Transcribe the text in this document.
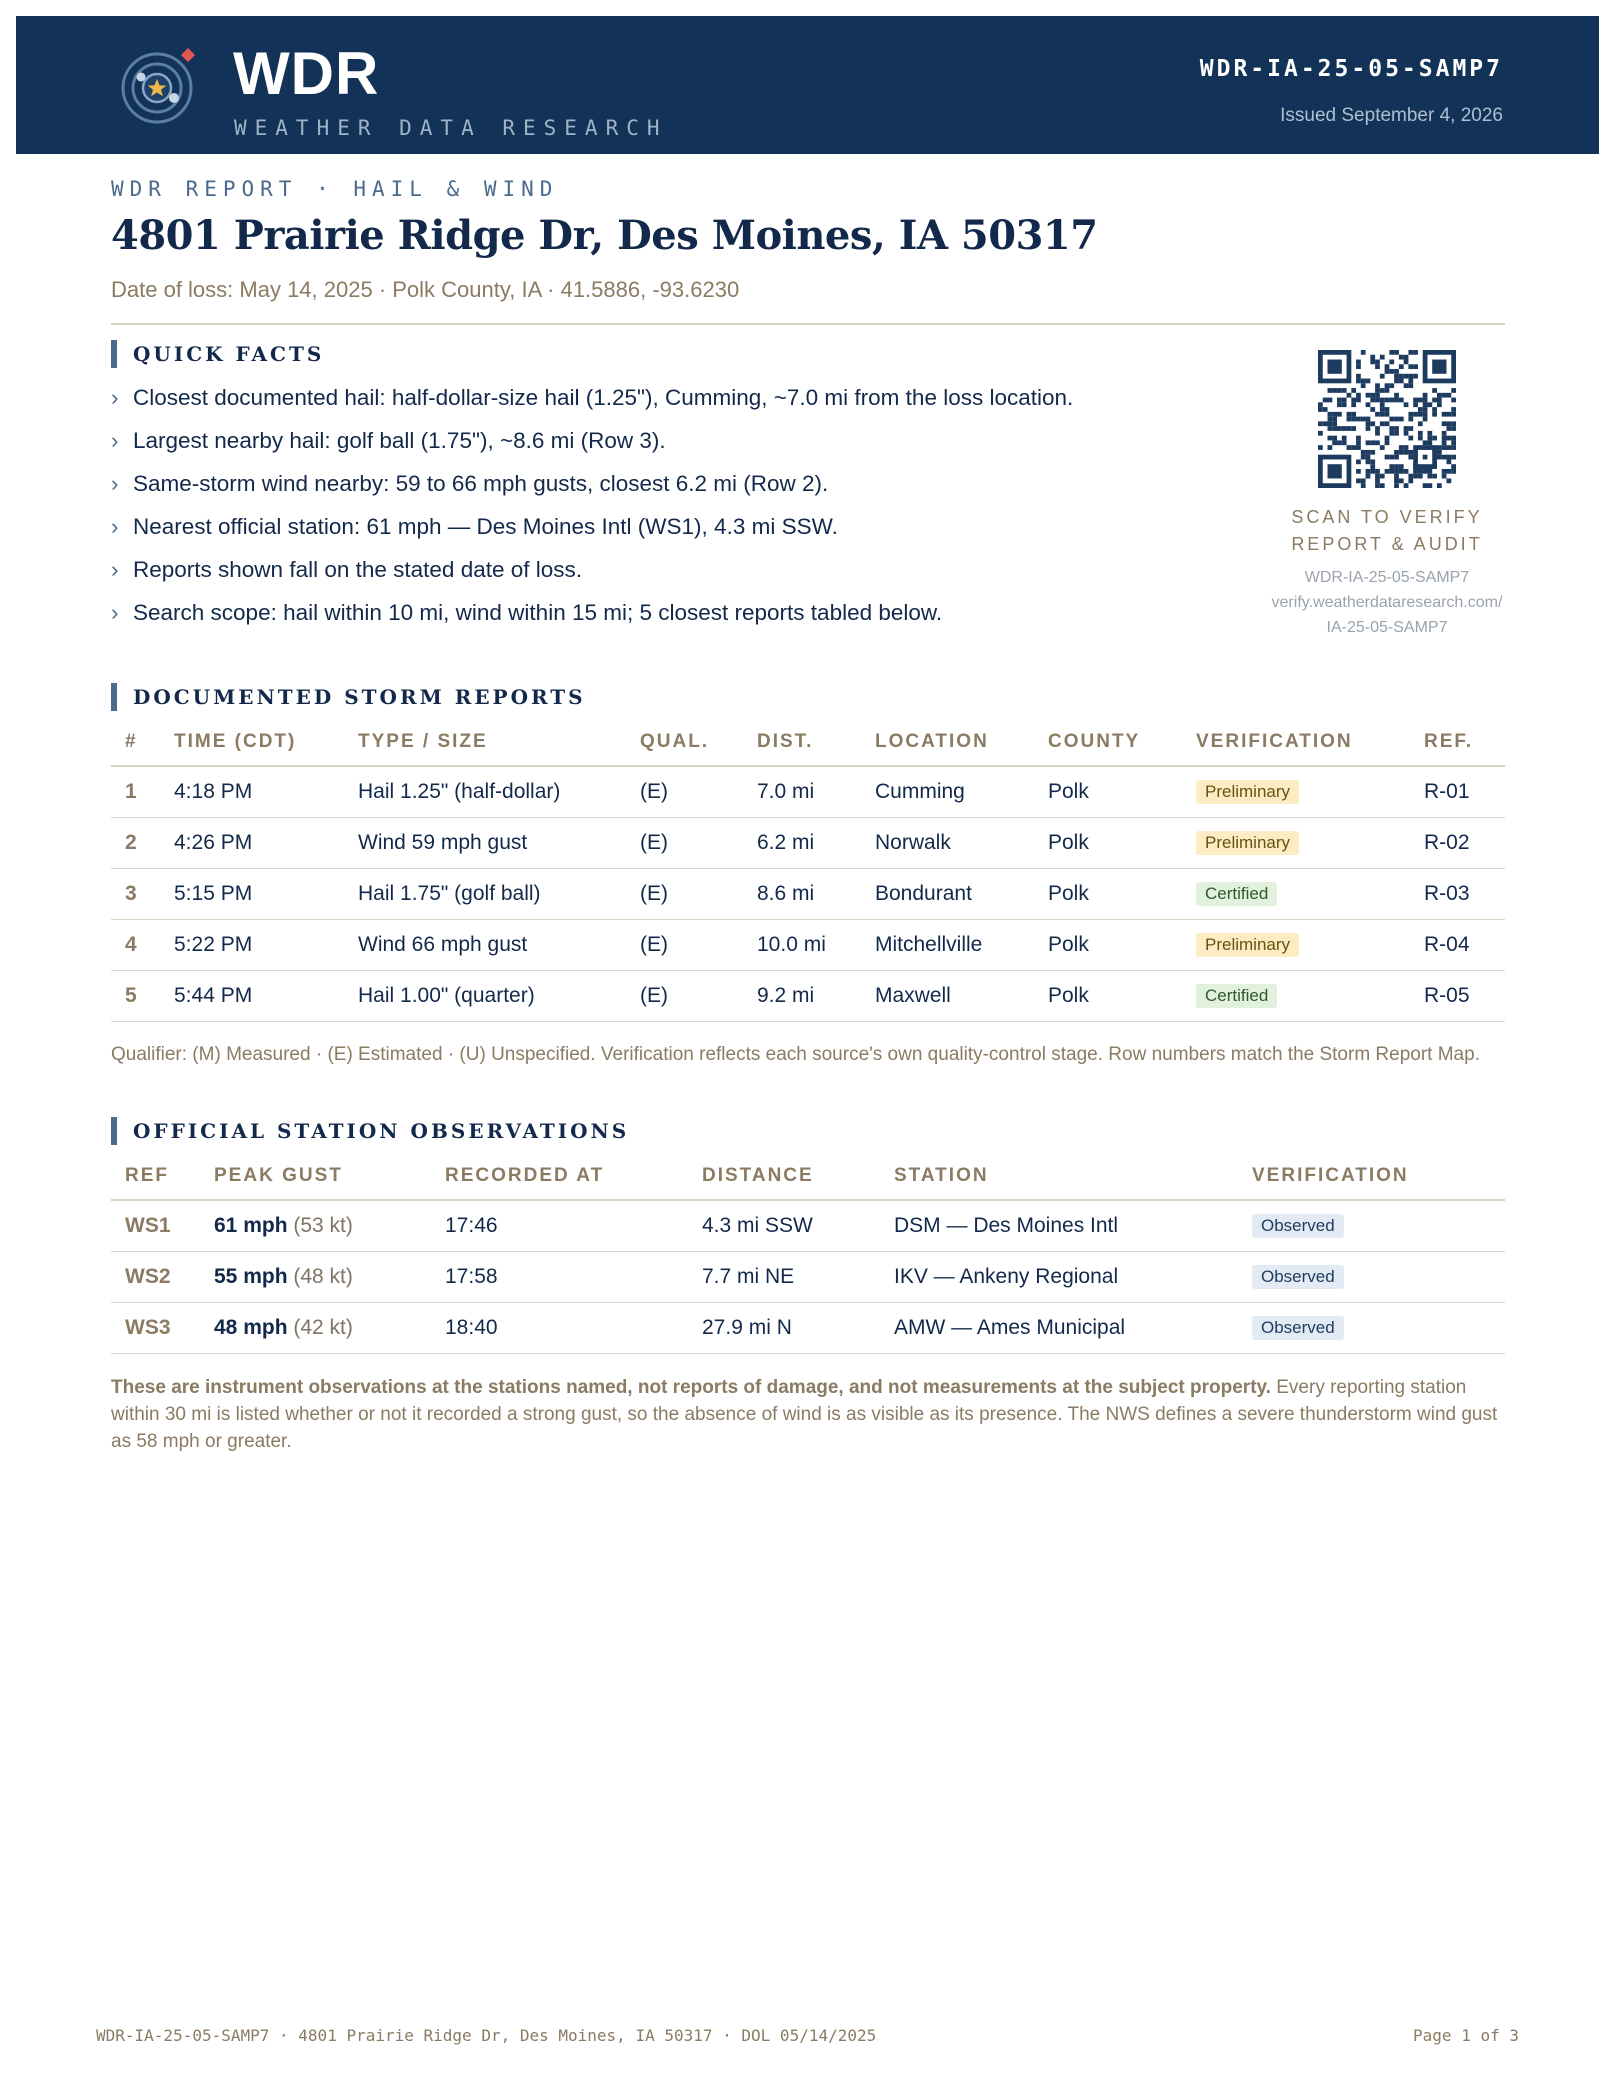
WDR
WEATHER DATA RESEARCH
WDR-IA-25-05-SAMP7
Issued September 4, 2026
WDR REPORT · HAIL & WIND
4801 Prairie Ridge Dr, Des Moines, IA 50317
Date of loss: May 14, 2025 · Polk County, IA · 41.5886, -93.6230
QUICK FACTS
› Closest documented hail: half-dollar-size hail (1.25"), Cumming, ~7.0 mi from the loss location.
› Largest nearby hail: golf ball (1.75"), ~8.6 mi (Row 3).
› Same-storm wind nearby: 59 to 66 mph gusts, closest 6.2 mi (Row 2).
› Nearest official station: 61 mph — Des Moines Intl (WS1), 4.3 mi SSW.
› Reports shown fall on the stated date of loss.
› Search scope: hail within 10 mi, wind within 15 mi; 5 closest reports tabled below.
SCAN TO VERIFY
REPORT & AUDIT
WDR-IA-25-05-SAMP7
verify.weatherdataresearch.com/
IA-25-05-SAMP7
DOCUMENTED STORM REPORTS
#	TIME (CDT)	TYPE / SIZE	QUAL.	DIST.	LOCATION	COUNTY	VERIFICATION	REF.
1	4:18 PM	Hail 1.25" (half-dollar)	(E)	7.0 mi	Cumming	Polk	Preliminary	R-01
2	4:26 PM	Wind 59 mph gust	(E)	6.2 mi	Norwalk	Polk	Preliminary	R-02
3	5:15 PM	Hail 1.75" (golf ball)	(E)	8.6 mi	Bondurant	Polk	Certified	R-03
4	5:22 PM	Wind 66 mph gust	(E)	10.0 mi	Mitchellville	Polk	Preliminary	R-04
5	5:44 PM	Hail 1.00" (quarter)	(E)	9.2 mi	Maxwell	Polk	Certified	R-05
Qualifier: (M) Measured · (E) Estimated · (U) Unspecified. Verification reflects each source's own quality-control stage. Row numbers match the Storm Report Map.
OFFICIAL STATION OBSERVATIONS
REF	PEAK GUST	RECORDED AT	DISTANCE	STATION	VERIFICATION
WS1	61 mph (53 kt)	17:46	4.3 mi SSW	DSM — Des Moines Intl	Observed
WS2	55 mph (48 kt)	17:58	7.7 mi NE	IKV — Ankeny Regional	Observed
WS3	48 mph (42 kt)	18:40	27.9 mi N	AMW — Ames Municipal	Observed
These are instrument observations at the stations named, not reports of damage, and not measurements at the subject property. Every reporting station within 30 mi is listed whether or not it recorded a strong gust, so the absence of wind is as visible as its presence. The NWS defines a severe thunderstorm wind gust as 58 mph or greater.
WDR-IA-25-05-SAMP7 · 4801 Prairie Ridge Dr, Des Moines, IA 50317 · DOL 05/14/2025	Page 1 of 3
